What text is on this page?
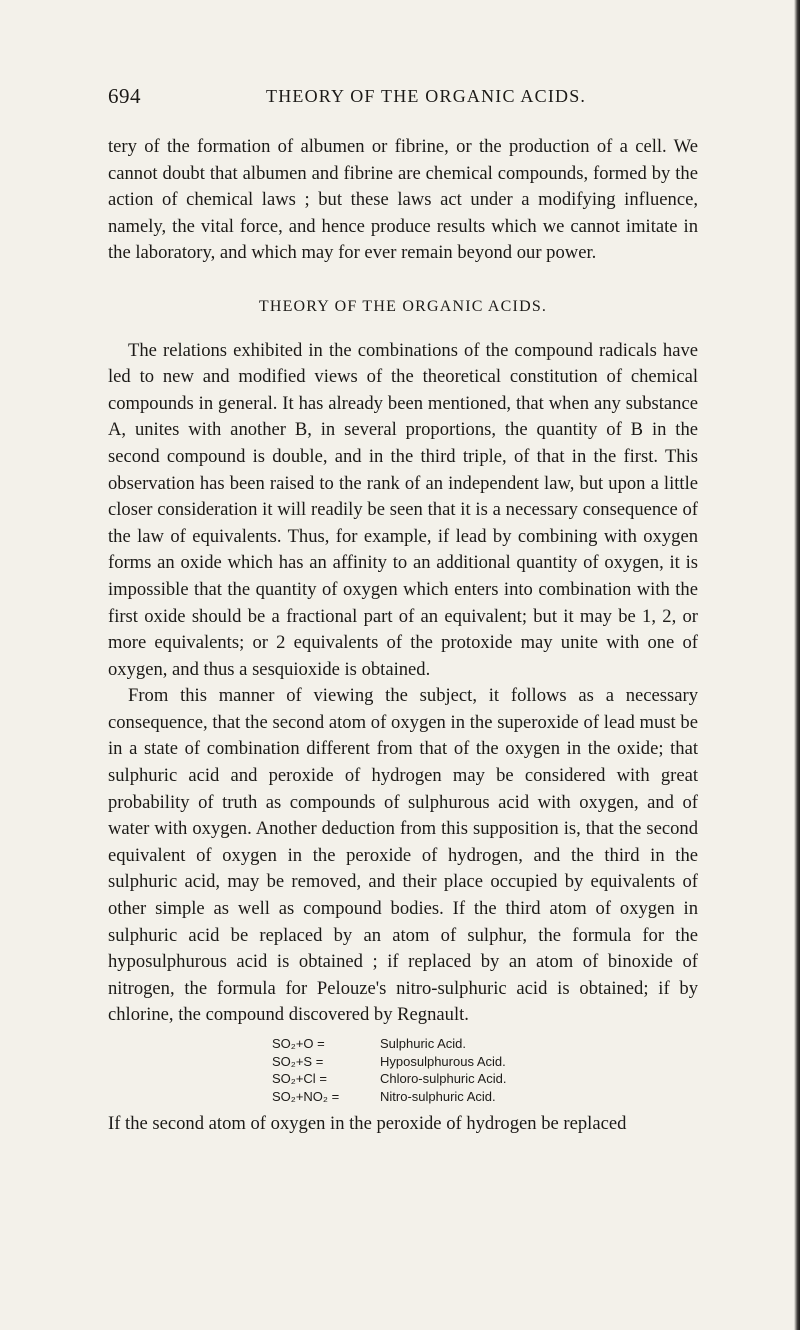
694	THEORY OF THE ORGANIC ACIDS.

tery of the formation of albumen or fibrine, or the production of a cell. We cannot doubt that albumen and fibrine are chemical compounds, formed by the action of chemical laws ; but these laws act under a modifying influence, namely, the vital force, and hence produce results which we cannot imitate in the laboratory, and which may for ever remain beyond our power.

THEORY OF THE ORGANIC ACIDS.

The relations exhibited in the combinations of the compound radicals have led to new and modified views of the theoretical constitution of chemical compounds in general. It has already been mentioned, that when any substance A, unites with another B, in several proportions, the quantity of B in the second compound is double, and in the third triple, of that in the first. This observation has been raised to the rank of an independent law, but upon a little closer consideration it will readily be seen that it is a necessary consequence of the law of equivalents. Thus, for example, if lead by combining with oxygen forms an oxide which has an affinity to an additional quantity of oxygen, it is impossible that the quantity of oxygen which enters into combination with the first oxide should be a fractional part of an equivalent; but it may be 1, 2, or more equivalents; or 2 equivalents of the protoxide may unite with one of oxygen, and thus a sesquioxide is obtained.

From this manner of viewing the subject, it follows as a necessary consequence, that the second atom of oxygen in the superoxide of lead must be in a state of combination different from that of the oxygen in the oxide; that sulphuric acid and peroxide of hydrogen may be considered with great probability of truth as compounds of sulphurous acid with oxygen, and of water with oxygen. Another deduction from this supposition is, that the second equivalent of oxygen in the peroxide of hydrogen, and the third in the sulphuric acid, may be removed, and their place occupied by equivalents of other simple as well as compound bodies. If the third atom of oxygen in sulphuric acid be replaced by an atom of sulphur, the formula for the hyposulphurous acid is obtained ; if replaced by an atom of binoxide of nitrogen, the formula for Pelouze's nitro-sulphuric acid is obtained; if by chlorine, the compound discovered by Regnault.

SO₂+O =	Sulphuric Acid.
SO₂+S =	Hyposulphurous Acid.
SO₂+Cl =	Chloro-sulphuric Acid.
SO₂+NO₂ =	Nitro-sulphuric Acid.

If the second atom of oxygen in the peroxide of hydrogen be replaced
